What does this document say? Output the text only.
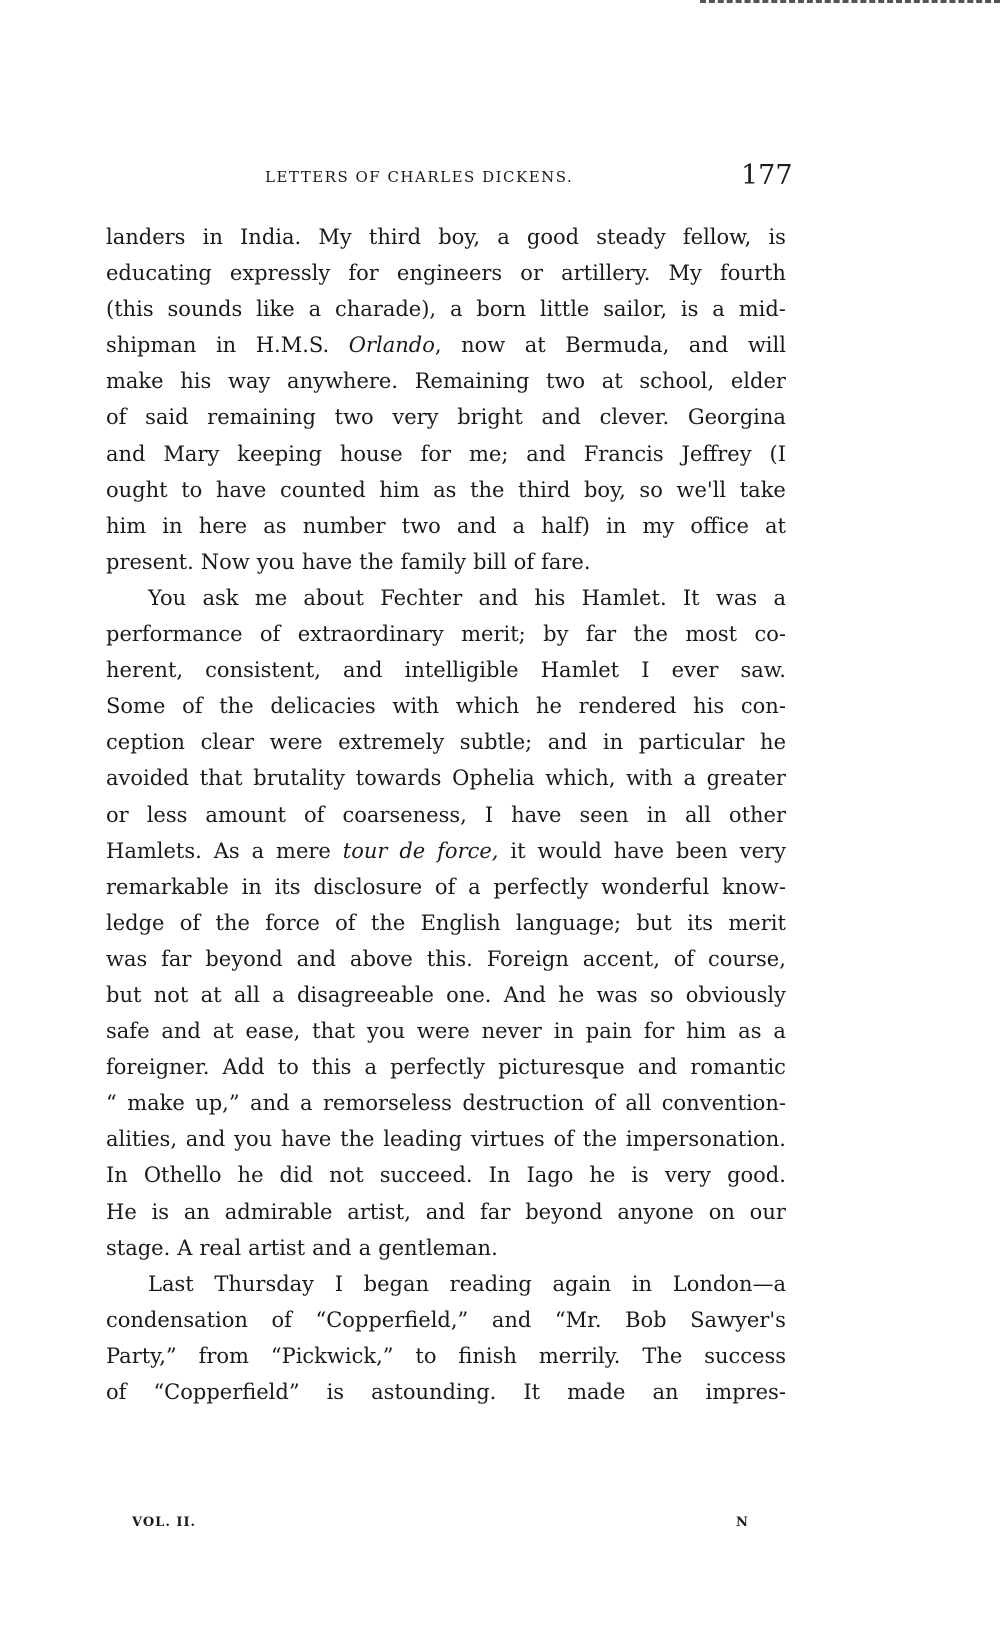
LETTERS OF CHARLES DICKENS.	177
landers in India. My third boy, a good steady fellow, is
educating expressly for engineers or artillery. My fourth
(this sounds like a charade), a born little sailor, is a mid-
shipman in H.M.S. Orlando, now at Bermuda, and will
make his way anywhere. Remaining two at school, elder
of said remaining two very bright and clever. Georgina
and Mary keeping house for me; and Francis Jeffrey (I
ought to have counted him as the third boy, so we'll take
him in here as number two and a half) in my office at
present. Now you have the family bill of fare.
You ask me about Fechter and his Hamlet. It was a
performance of extraordinary merit; by far the most co-
herent, consistent, and intelligible Hamlet I ever saw.
Some of the delicacies with which he rendered his con-
ception clear were extremely subtle; and in particular he
avoided that brutality towards Ophelia which, with a greater
or less amount of coarseness, I have seen in all other
Hamlets. As a mere tour de force, it would have been very
remarkable in its disclosure of a perfectly wonderful know-
ledge of the force of the English language; but its merit
was far beyond and above this. Foreign accent, of course,
but not at all a disagreeable one. And he was so obviously
safe and at ease, that you were never in pain for him as a
foreigner. Add to this a perfectly picturesque and romantic
“ make up,” and a remorseless destruction of all convention-
alities, and you have the leading virtues of the impersonation.
In Othello he did not succeed. In Iago he is very good.
He is an admirable artist, and far beyond anyone on our
stage. A real artist and a gentleman.
Last Thursday I began reading again in London—a
condensation of “Copperfield,” and “Mr. Bob Sawyer's
Party,” from “Pickwick,” to finish merrily. The success
of “Copperfield” is astounding. It made an impres-
VOL. II.	N
